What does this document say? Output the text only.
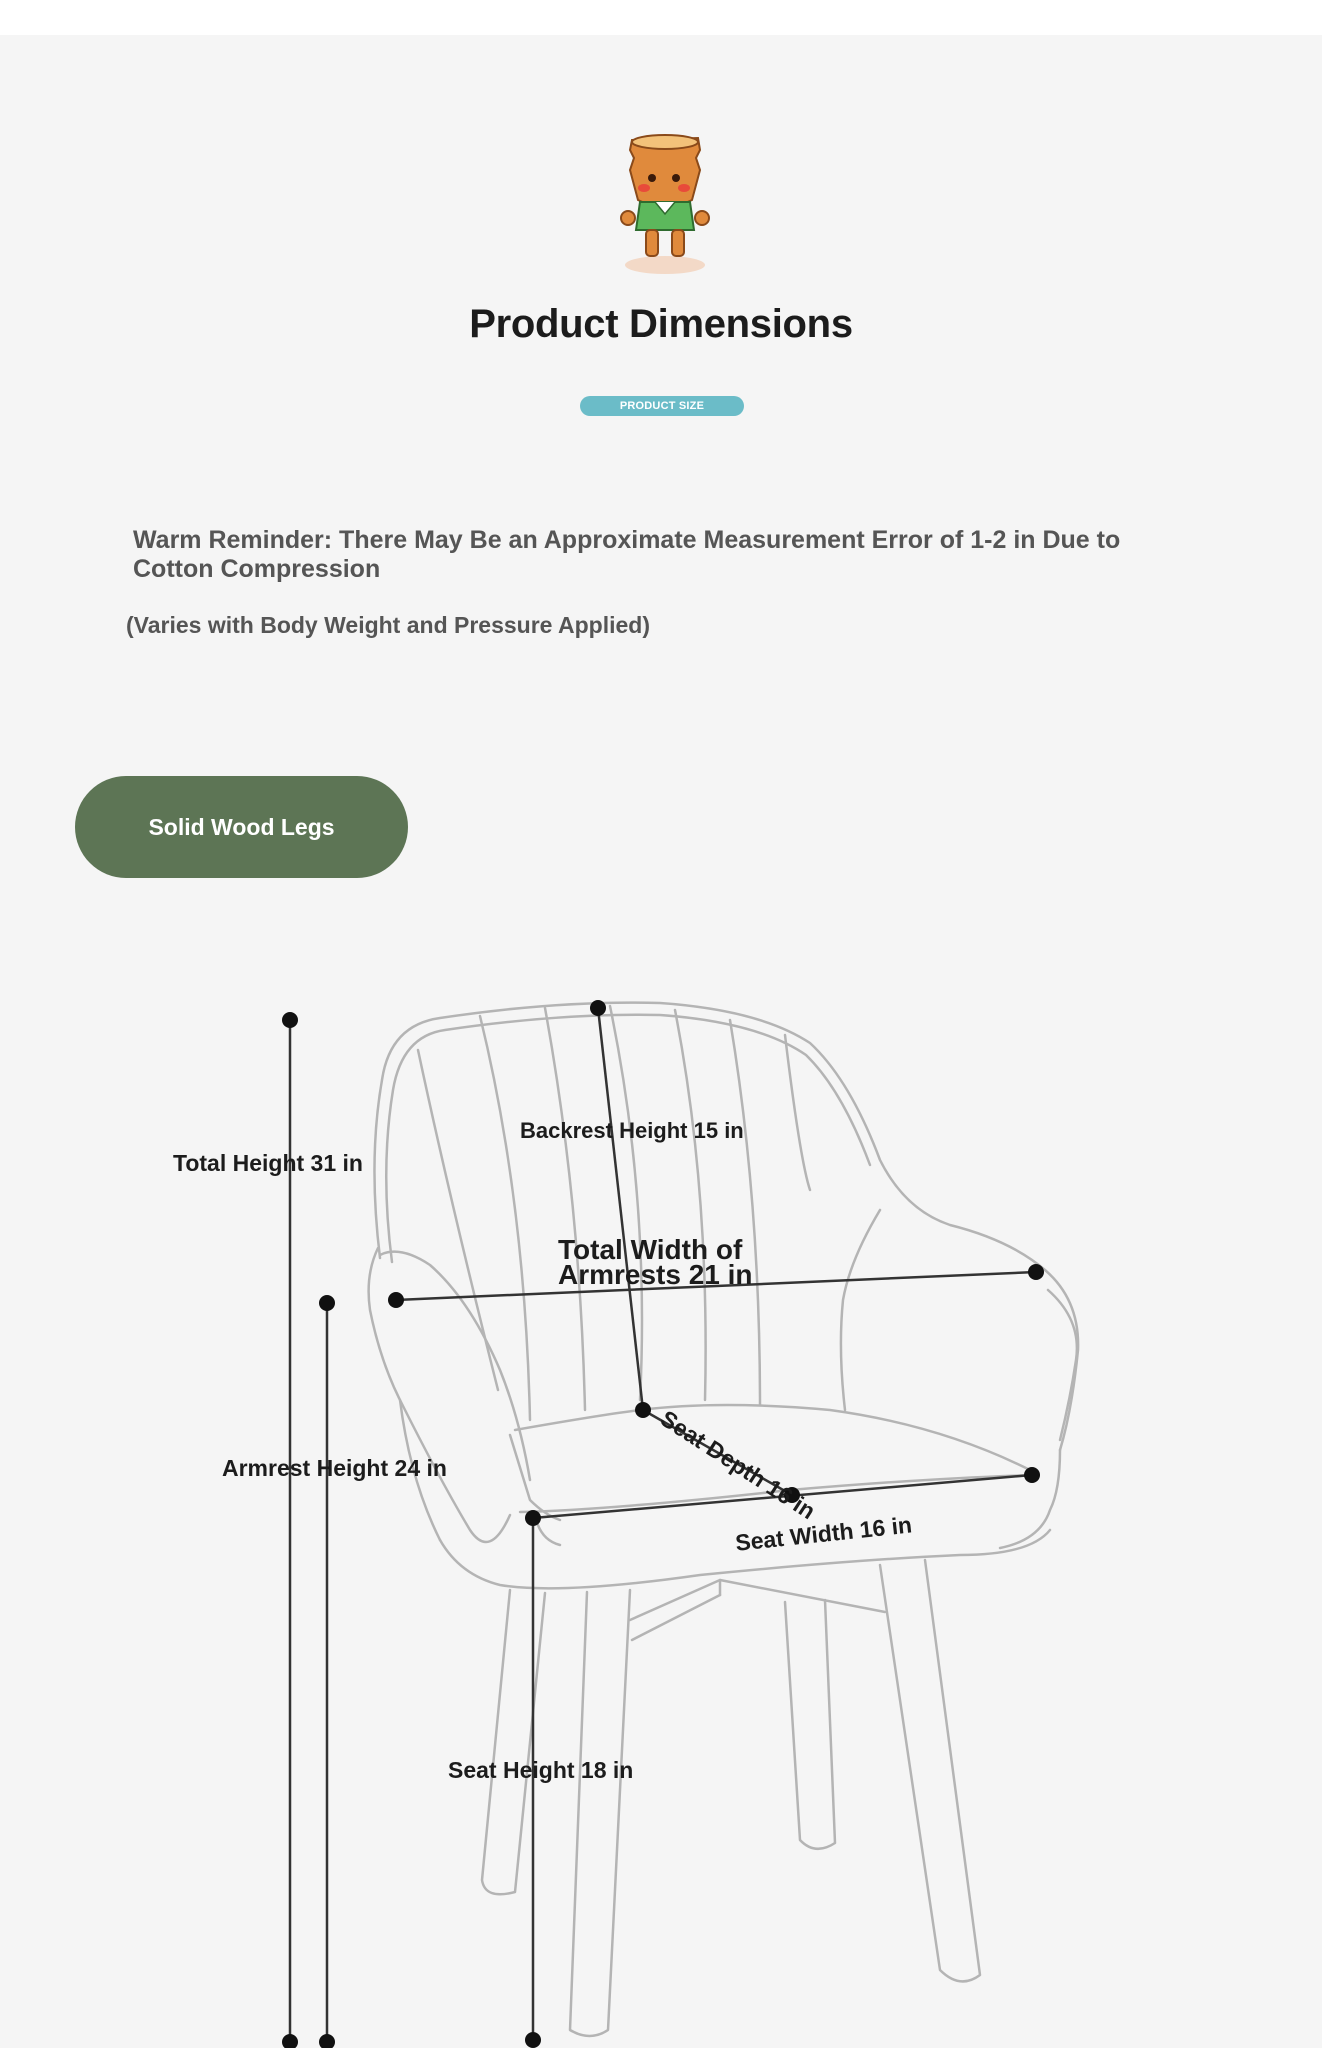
Product Dimensions
PRODUCT SIZE
Warm Reminder: There May Be an Approximate Measurement Error of 1-2 in Due to Cotton Compression
(Varies with Body Weight and Pressure Applied)
Solid Wood Legs
Total Height 31 in
Backrest Height 15 in
Total Width of Armrests 21 in
Seat Depth 16 in
Armrest Height 24 in
Seat Width 16 in
Seat Height 18 in
